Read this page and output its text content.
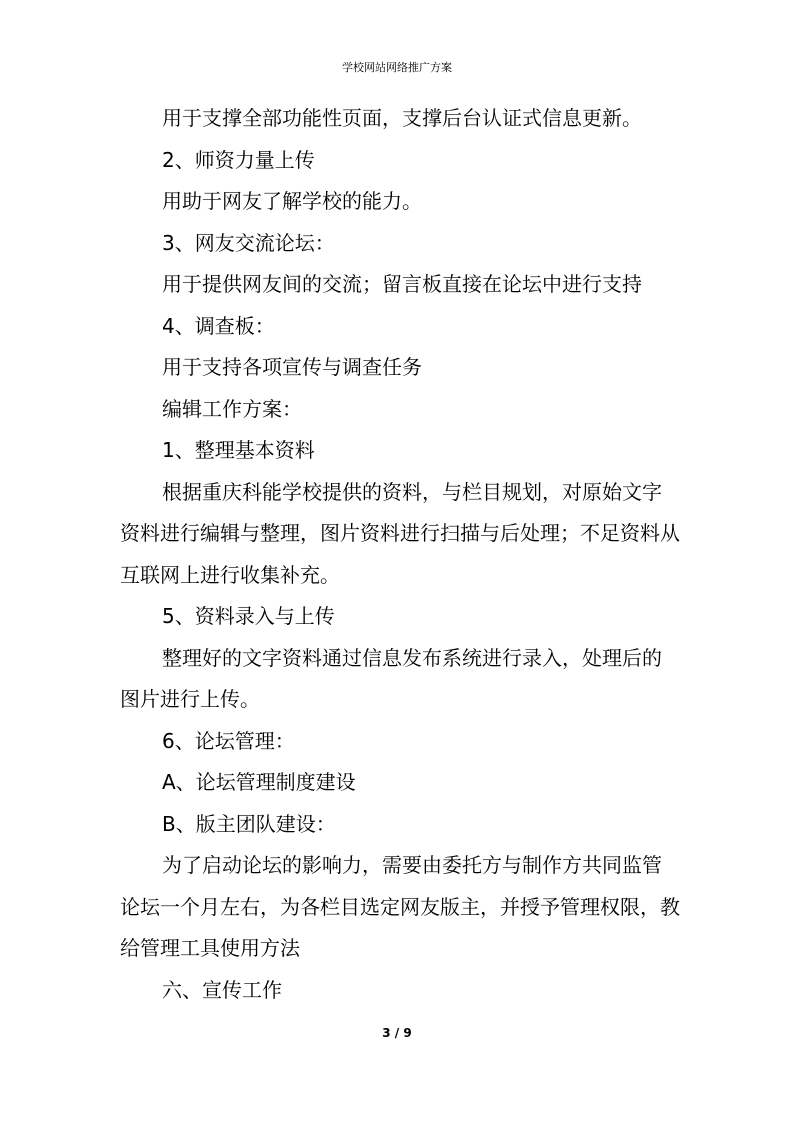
学校网站网络推广方案

用于支撑全部功能性页面，支撑后台认证式信息更新。

2、师资力量上传

用助于网友了解学校的能力。

3、网友交流论坛：

用于提供网友间的交流；留言板直接在论坛中进行支持

4、调查板：

用于支持各项宣传与调查任务

编辑工作方案：

1、整理基本资料

根据重庆科能学校提供的资料，与栏目规划，对原始文字资料进行编辑与整理，图片资料进行扫描与后处理；不足资料从互联网上进行收集补充。

5、资料录入与上传

整理好的文字资料通过信息发布系统进行录入，处理后的图片进行上传。

6、论坛管理：

A、论坛管理制度建设

B、版主团队建设：

为了启动论坛的影响力，需要由委托方与制作方共同监管论坛一个月左右，为各栏目选定网友版主，并授予管理权限，教给管理工具使用方法

六、宣传工作

3 / 9
